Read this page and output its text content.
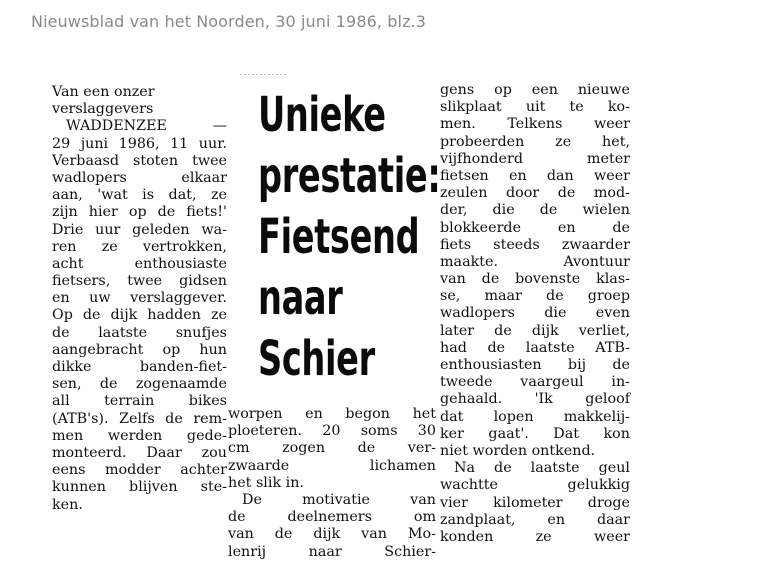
Nieuwsblad van het Noorden, 30 juni 1986, blz.3
Van een onzer
verslaggevers
WADDENZEE —
29 juni 1986, 11 uur.
Verbaasd stoten twee
wadlopers elkaar
aan, 'wat is dat, ze
zijn hier op de fiets!'
Drie uur geleden wa-
ren ze vertrokken,
acht enthousiaste
fietsers, twee gidsen
en uw verslaggever.
Op de dijk hadden ze
de laatste snufjes
aangebracht op hun
dikke banden-fiet-
sen, de zogenaamde
all terrain bikes
(ATB's). Zelfs de rem-
men werden gede-
monteerd. Daar zou
eens modder achter
kunnen blijven ste-
ken.
Unieke
prestatie:
Fietsend
naar
Schier
worpen en begon het
ploeteren. 20 soms 30
cm zogen de ver-
zwaarde lichamen
het slik in.
De motivatie van
de deelnemers om
van de dijk van Mo-
lenrij naar Schier-
gens op een nieuwe
slikplaat uit te ko-
men. Telkens weer
probeerden ze het,
vijfhonderd meter
fietsen en dan weer
zeulen door de mod-
der, die de wielen
blokkeerde en de
fiets steeds zwaarder
maakte. Avontuur
van de bovenste klas-
se, maar de groep
wadlopers die even
later de dijk verliet,
had de laatste ATB-
enthousiasten bij de
tweede vaargeul in-
gehaald. 'Ik geloof
dat lopen makkelij-
ker gaat'. Dat kon
niet worden ontkend.
Na de laatste geul
wachtte gelukkig
vier kilometer droge
zandplaat, en daar
konden ze weer
